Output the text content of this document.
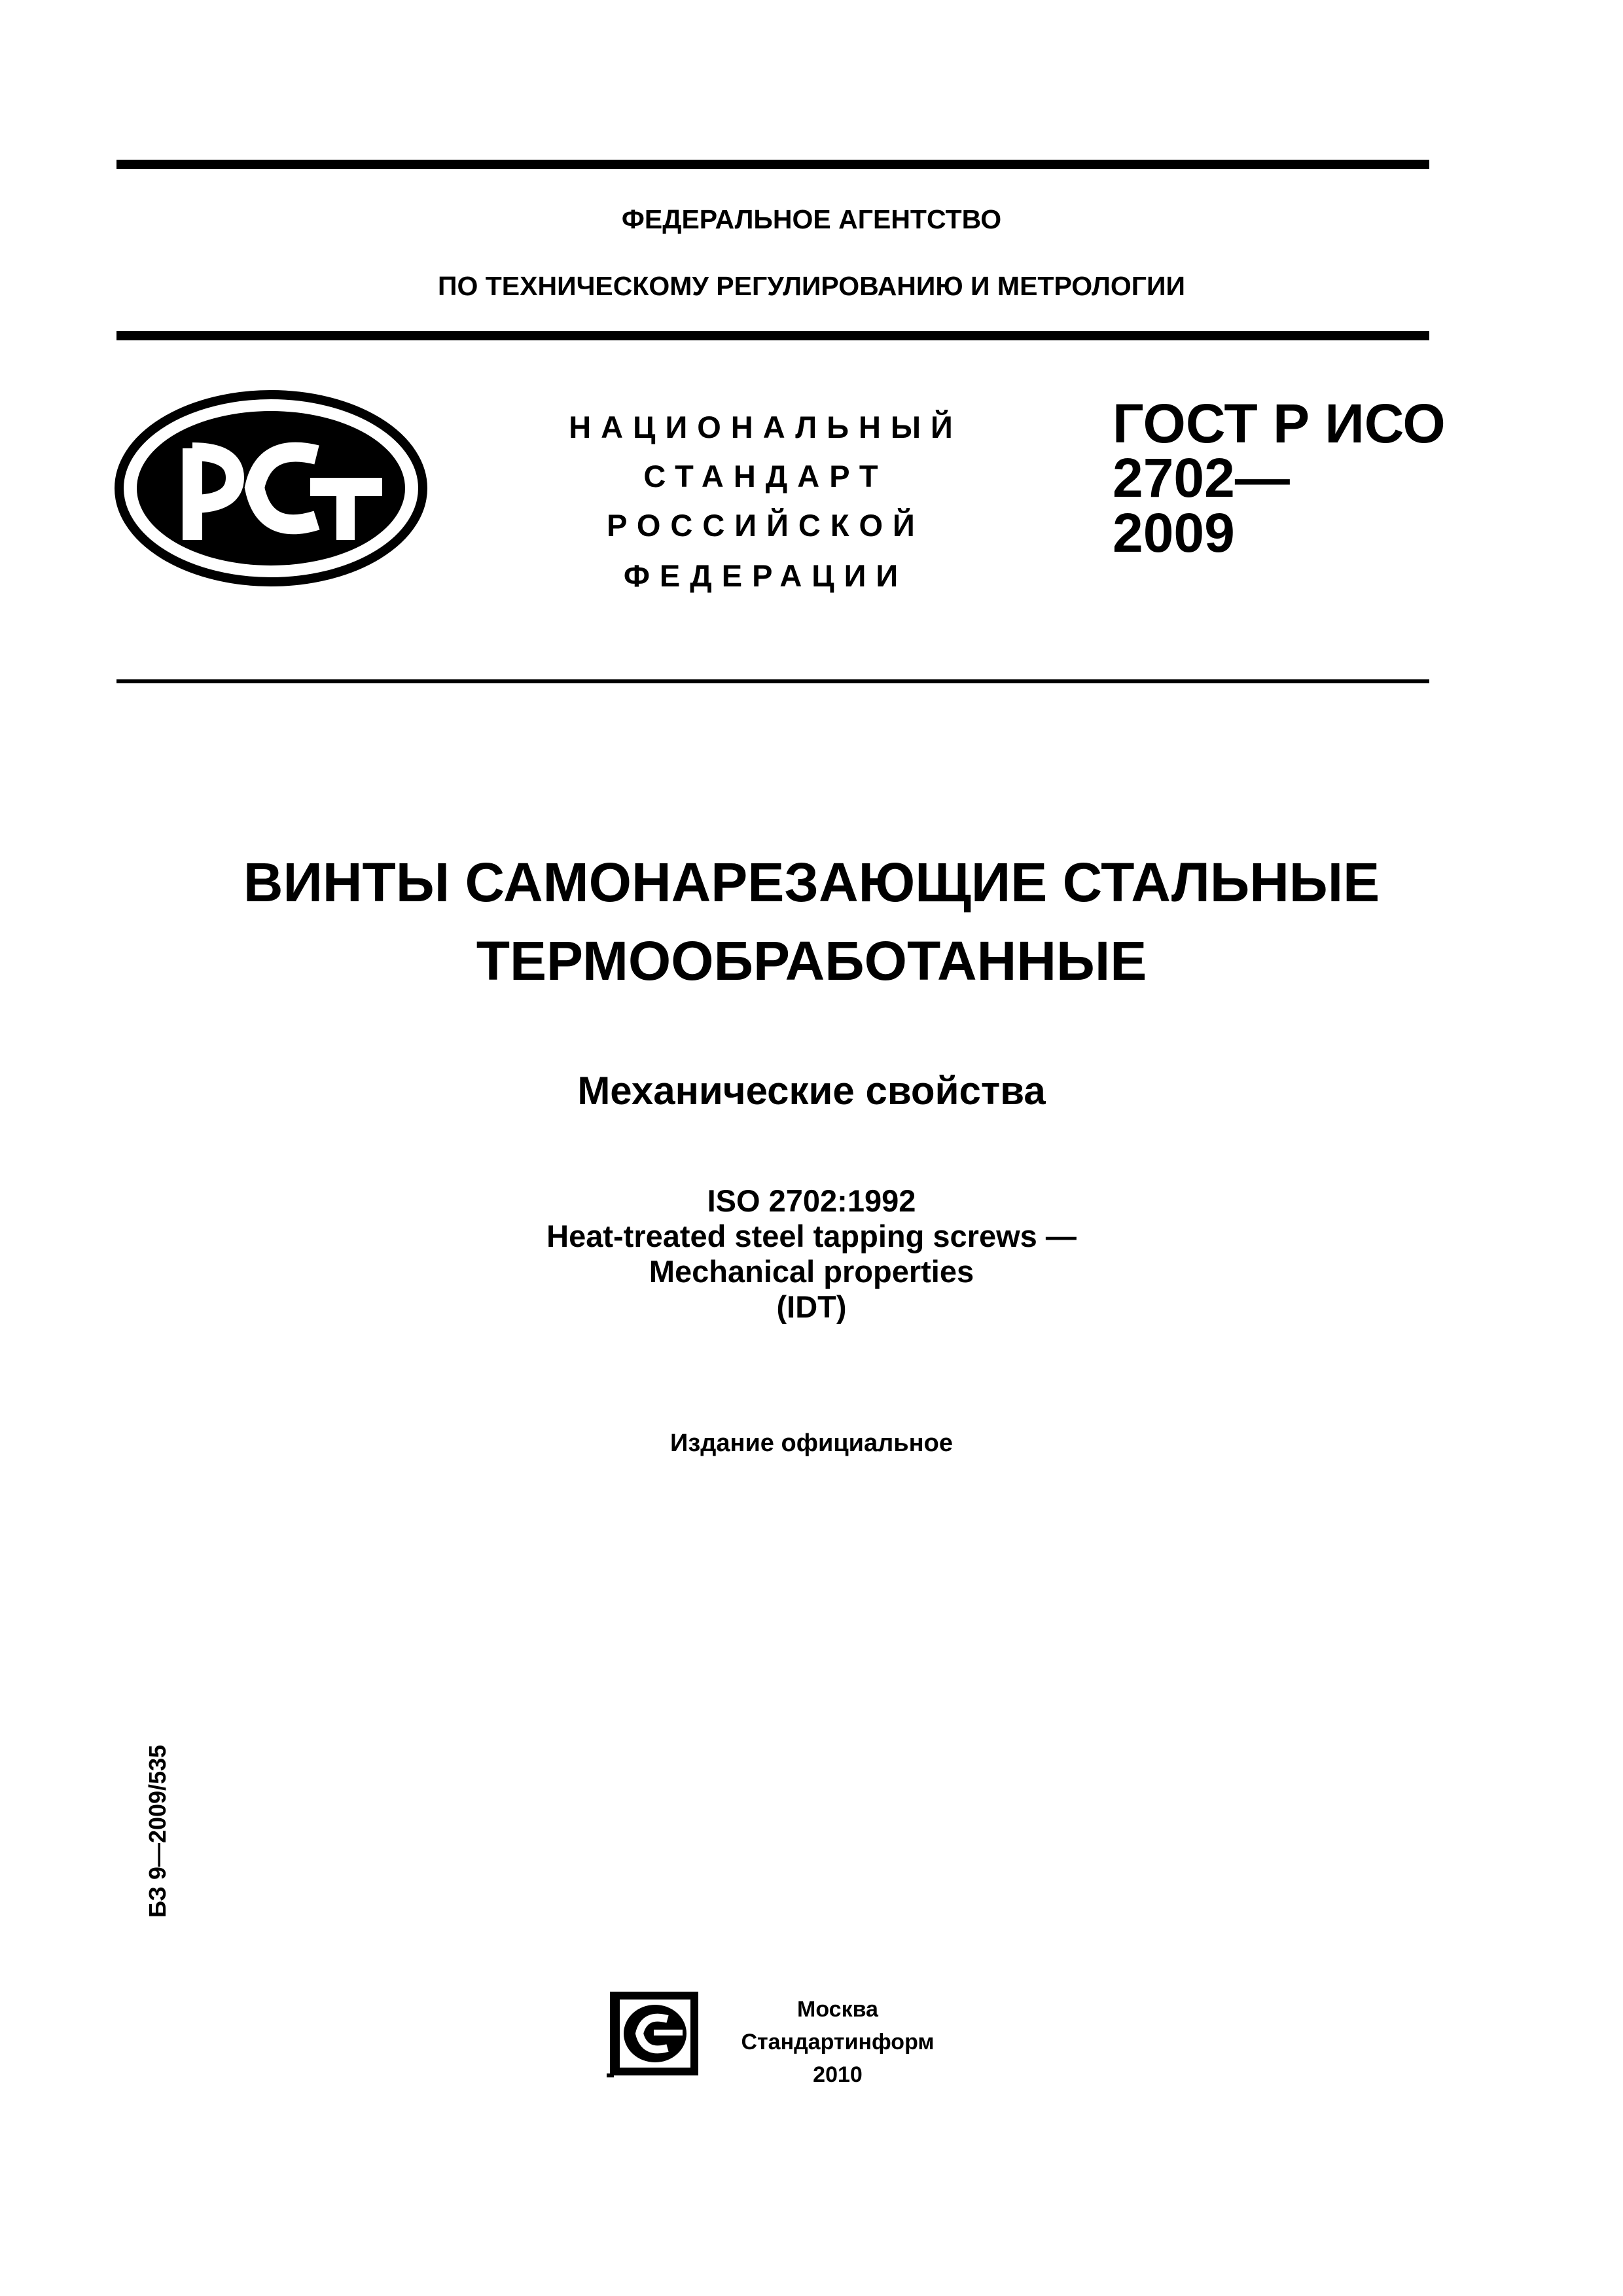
ФЕДЕРАЛЬНОЕ АГЕНТСТВО
ПО ТЕХНИЧЕСКОМУ РЕГУЛИРОВАНИЮ И МЕТРОЛОГИИ
НАЦИОНАЛЬНЫЙ
СТАНДАРТ
РОССИЙСКОЙ
ФЕДЕРАЦИИ
ГОСТ Р ИСО
2702—
2009
ВИНТЫ САМОНАРЕЗАЮЩИЕ СТАЛЬНЫЕ
ТЕРМООБРАБОТАННЫЕ
Механические свойства
ISO 2702:1992
Heat-treated steel tapping screws —
Mechanical properties
(IDT)
Издание официальное
БЗ 9—2009/535
Москва
Стандартинформ
2010
